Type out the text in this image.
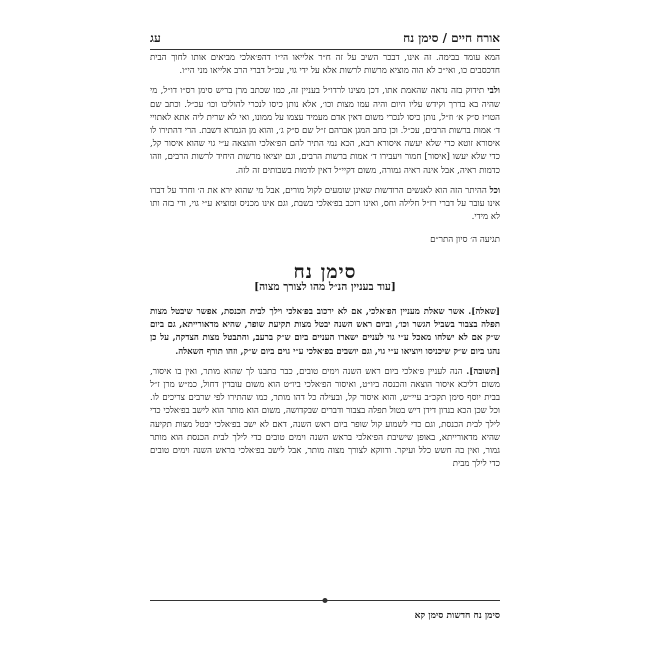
אורח חיים / סימן נח
עג

המא עומד בבימה. זה אינו, דבכר השיב על זה ח״ר אלייאו הי״ו דהפ׳אלכי מביאים אותו לחוך הבית חדכסבים כו, ואי״כ לא הוה מוציא מרשות לרשות אלא על ידי גוי, עכ״ל דברי הרב אלייאו מני הי״ו.

ולבי תידוק בזה נראה שהאמת אתו, דכן מצינו לרדו״ל בעניין זה, כמו שכתב מרן בריש סימן רס״ו דו״ל, מי שהיה בא בדרך וקידש עליו היום והיה עמו מצות וכו׳, אלא נותן כיסו לנכרי להוליכו וכו׳ עכ״ל. וכתב שם הטו״ז ס״ק א׳ וז״ל, נותן כיסו לנכרי משום דאין אדם מעמיד עצמו על ממונו, ואי לא שרית ליה אתא לאתויי ד׳ אמות ברשות הרבים, עכ״ל. וכן כתב המגן אברהם ז״ל שם ס״ק ג׳, והוא מן הגמרא דשבת. הרי דהתירו לו איסורא זוטא כדי שלא יעשה איסורא רבא, הכא נמי התיר להם הפ׳אלכי והוצאה ע״י גוי שהוא איסור קל, כדי שלא יעשו [איסור] חמור ויעבירו ד׳ אמות ברשות הרבים, וגם יוציאו מרשות היחיד לרשות הרבים, וזהו כדמות ראיה, אבל אינה ראיה גמורה, משום דקיי״ל דאין לדמות בשבותים זה לזה.

וכל ההיתר הזה הוא לאנשים הרודשות שאינן שומעים לקול מורים, אבל מי שהוא ירא את ה׳ וחרד על דברו אינו עובר על דברי רז״ל חלילה וחס, ואינו רוכב בפ׳אלכי בשבת, וגם אינו מכניס ומוציא ע״י גוי, ודי בזה ותו לא מידי.

תגיעה ה׳ סיון התר״ם
סימן נח
[עוד בעניין הנ״ל מהו לצורך מצוה]

[שאלה]. אשר שאלת מעניין הפ׳אלכי, אם לא ירכוב בפ׳אלכי וילך לבית הכנסת, אפשר שיבטל מצות תפלה בצבור בשביל הגשר וכו׳, וביום ראש השנה יבטל מצות תקיעת שופר, שהיא מדאורייתא, גם ביום ש״ק אם לא ישלחו מאכל ע״י גוי לעניים ישארו העניים ביום ש״ק ברעב, והתבטל מצות הצדקה, על כן נהגו ביום ש״ק שיכניסו ויוציאו ע״י גוי, וגם יושבים בפ׳אלכי ע״י גוים ביום ש״ק, וזהו תורף השאלה.

[תשובה]. הנה לעניין פ׳אלכי ביום ראש השנה וימים טובים, כבר כתבנו לך שהוא מותר, ואין בו איסור, משום דליכא איסור הוצאה והכנסה ביו״ט, ואיסור הפ׳אלכי ביו״ט הוא משום עובדין דחול, כמ״ש מרן ז״ל בבית יוסף סימן תקכ״ב עיי״ש, והוא איסור קל, ובעילה כל דהו מותר, כמו שהתירו לפי שרבים צריכים לו. וכל שכן הכא בנדון דידן דיש בטול תפלה בצבור ודברים שבקדושה, משום הוא מותר הוא לישב בפ׳אלכי כדי לילך לבית הכנסת, וגם כדי לשמוע קול שופר ביום ראש השנה, דאם לא ישב בפ׳אלכי יבטל מצות תקיעה שהיא מדאורייתא, באופן שישיבת הפ׳אלכי בראש השנה וימים טובים כדי לילך לבית הכנסת הוא מותר גמור, ואין בה חשש כלל ועיקר. ודווקא לצורך מצוה מותר, אבל לישב בפ׳אלכי בראש השנה וימים טובים כדי לילך מבית

סימן נח חדשות סימן קא
